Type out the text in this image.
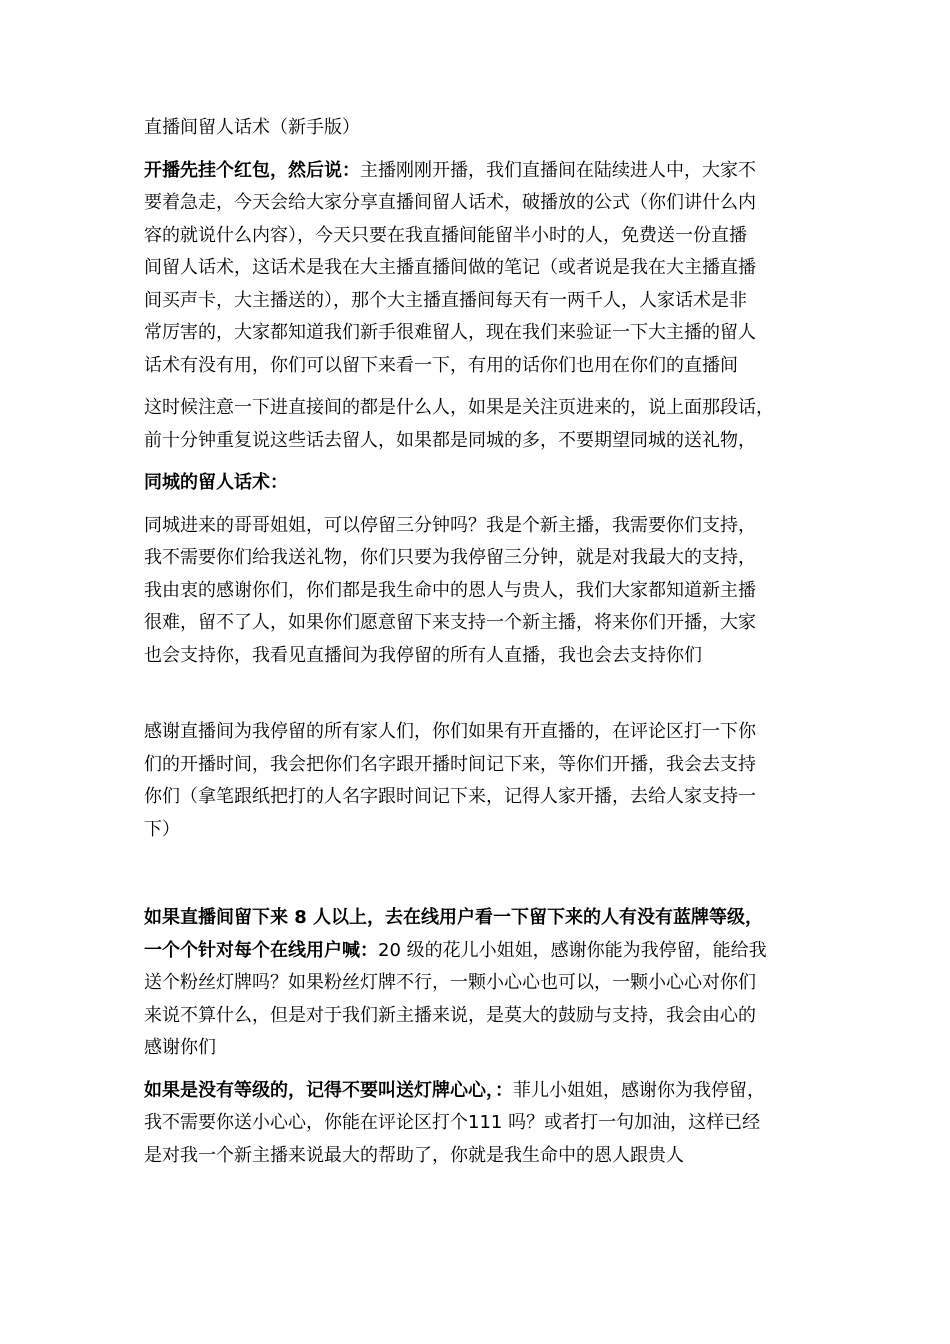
直播间留人话术（新手版）

开播先挂个红包，然后说：主播刚刚开播，我们直播间在陆续进人中，大家不
要着急走，今天会给大家分享直播间留人话术，破播放的公式（你们讲什么内
容的就说什么内容），今天只要在我直播间能留半小时的人，免费送一份直播
间留人话术，这话术是我在大主播直播间做的笔记（或者说是我在大主播直播
间买声卡，大主播送的），那个大主播直播间每天有一两千人，人家话术是非
常厉害的，大家都知道我们新手很难留人，现在我们来验证一下大主播的留人
话术有没有用，你们可以留下来看一下，有用的话你们也用在你们的直播间

这时候注意一下进直接间的都是什么人，如果是关注页进来的，说上面那段话，
前十分钟重复说这些话去留人，如果都是同城的多，不要期望同城的送礼物，

同城的留人话术：

同城进来的哥哥姐姐，可以停留三分钟吗？我是个新主播，我需要你们支持，
我不需要你们给我送礼物，你们只要为我停留三分钟，就是对我最大的支持，
我由衷的感谢你们，你们都是我生命中的恩人与贵人，我们大家都知道新主播
很难，留不了人，如果你们愿意留下来支持一个新主播，将来你们开播，大家
也会支持你，我看见直播间为我停留的所有人直播，我也会去支持你们

感谢直播间为我停留的所有家人们，你们如果有开直播的，在评论区打一下你
们的开播时间，我会把你们名字跟开播时间记下来，等你们开播，我会去支持
你们（拿笔跟纸把打的人名字跟时间记下来，记得人家开播，去给人家支持一
下）

如果直播间留下来 8 人以上，去在线用户看一下留下来的人有没有蓝牌等级，
一个个针对每个在线用户喊：20 级的花儿小姐姐，感谢你能为我停留，能给我
送个粉丝灯牌吗？如果粉丝灯牌不行，一颗小心心也可以，一颗小心心对你们
来说不算什么，但是对于我们新主播来说，是莫大的鼓励与支持，我会由心的
感谢你们

如果是没有等级的，记得不要叫送灯牌心心，：菲儿小姐姐，感谢你为我停留，
我不需要你送小心心，你能在评论区打个111 吗？或者打一句加油，这样已经
是对我一个新主播来说最大的帮助了，你就是我生命中的恩人跟贵人
